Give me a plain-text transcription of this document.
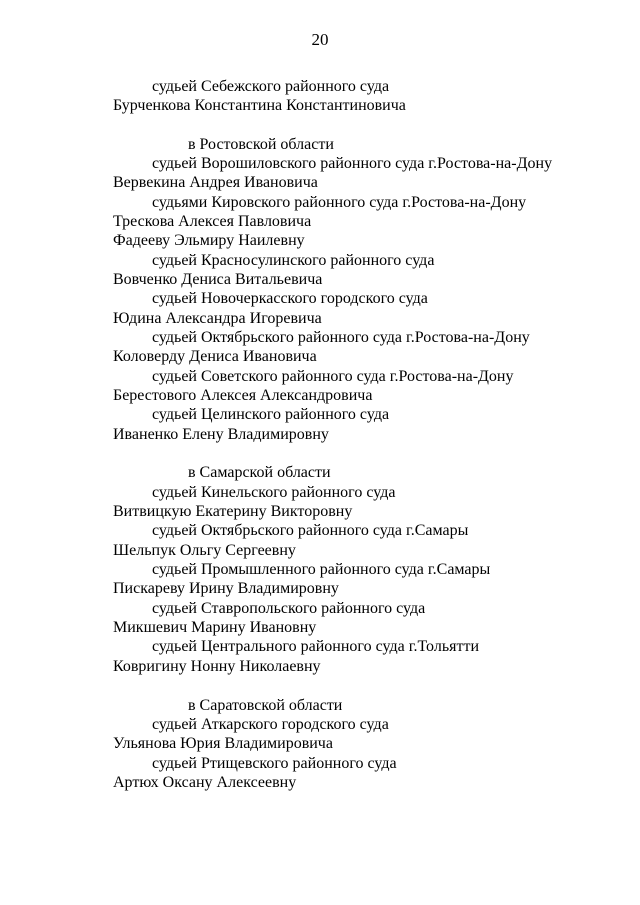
20
судьей Себежского районного суда
Бурченкова Константина Константиновича
в Ростовской области
судьей Ворошиловского районного суда г.Ростова-на-Дону
Вервекина Андрея Ивановича
судьями Кировского районного суда г.Ростова-на-Дону
Трескова Алексея Павловича
Фадееву Эльмиру Наилевну
судьей Красносулинского районного суда
Вовченко Дениса Витальевича
судьей Новочеркасского городского суда
Юдина Александра Игоревича
судьей Октябрьского районного суда г.Ростова-на-Дону
Коловерду Дениса Ивановича
судьей Советского районного суда г.Ростова-на-Дону
Берестового Алексея Александровича
судьей Целинского районного суда
Иваненко Елену Владимировну
в Самарской области
судьей Кинельского районного суда
Витвицкую Екатерину Викторовну
судьей Октябрьского районного суда г.Самары
Шельпук Ольгу Сергеевну
судьей Промышленного районного суда г.Самары
Пискареву Ирину Владимировну
судьей Ставропольского районного суда
Микшевич Марину Ивановну
судьей Центрального районного суда г.Тольятти
Ковригину Нонну Николаевну
в Саратовской области
судьей Аткарского городского суда
Ульянова Юрия Владимировича
судьей Ртищевского районного суда
Артюх Оксану Алексеевну
